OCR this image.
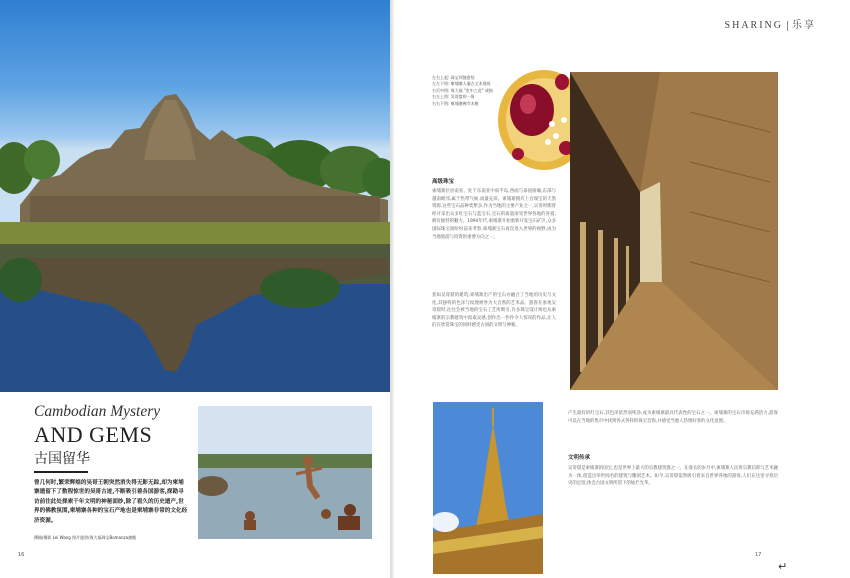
Cambodian Mystery
AND GEMS
古国留华
曾几何时,繁荣辉煌的吴哥王朝突然消失得无影无踪,却为柬埔寨遗留下了数程惊世的吴哥古迹,不断吸引着各国游客,探勘寻访前往此处探索千年文明的神秘面纱,除了看久的历史遗产,世界的佛教氛围,柬埔寨各种的宝石产地也是柬埔寨非常的文化经济资源。
撰稿/摄影 Lei Wang 图片提供/周大福珠宝Bomanza旗舰
16
SHARING 乐享
左右上起: 珠宝项链套装
左左下图: 柬埔寨人逾古丈木建筑
右页中图: 周大福 "室中之花" 戒指
右左上图: 吴哥窟的一角
右右下图: 柬埔寨佛寺木檐
高级珠宝
柬埔寨位居南亚、处于东南亚中南半岛,西面与泰国接壤,东部与越南毗邻,属于热带气候,雨量充沛。柬埔寨拥有上百瑞宝的天然资源,这些宝石品种类繁多,作为当地的主要产业之一,吴哥时期曾经开采出众多红宝石与蓝宝石,宝石的质量深受世界各地的喜爱,拥有独特的魅力。1990年代,柬埔寨开始重新开发宝石矿区,众多国际珠宝商纷纷前来考察,柬埔寨宝石再次进入世界的视野,成为当地旅游与投资的重要方向之一。
犹如吴哥窟的建筑,柬埔寨出产的宝石亦融合了当地的历史与文化,其独特的色泽与纹理被誉为大自然的艺术品。游客在参观吴哥窟时,往往会被当地的宝石工艺所吸引,许多珠宝设计师也从柬埔寨的宗教建筑中汲取灵感,创作出一件件令人惊叹的作品,让人们在欣赏珠宝的同时感受古国的文明与神秘。
产生最好的红宝石,其色泽浓烈而纯净,成为柬埔寨最具代表性的宝石之一。柬埔寨的宝石市场充满活力,游客可以在当地的集市中找到各式各样的珠宝首饰,并感受当地人热情好客的文化氛围。
文明传承
吴哥窟是柬埔寨的国宝,也是世界上最大的宗教建筑群之一。在漫长的岁月中,柬埔寨人民将宗教信仰与艺术融为一体,创造出举世闻名的建筑与雕刻艺术。如今,吴哥窟依然吸引着来自世界各地的游客,人们在这里寻找历史的足迹,体会古国文明所留下的灿烂光华。
17
↵
